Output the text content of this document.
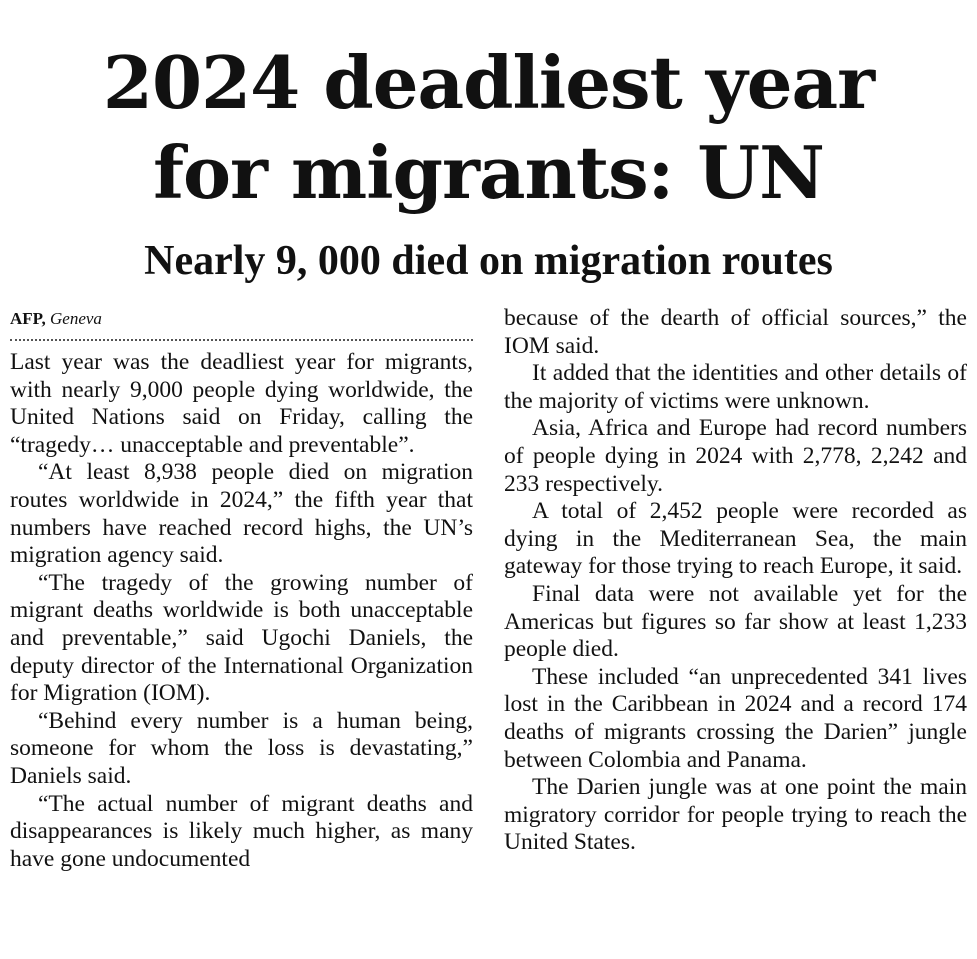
2024 deadliest year
for migrants: UN
Nearly 9, 000 died on migration routes
AFP, Geneva

Last year was the deadliest year for migrants, with nearly 9,000 people dying worldwide, the United Nations said on Friday, calling the “tragedy… unacceptable and preventable”.

“At least 8,938 people died on migration routes worldwide in 2024,” the fifth year that numbers have reached record highs, the UN’s migration agency said.

“The tragedy of the growing number of migrant deaths worldwide is both unacceptable and preventable,” said Ugochi Daniels, the deputy director of the International Organization for Migration (IOM).

“Behind every number is a human being, someone for whom the loss is devastating,” Daniels said.

“The actual number of migrant deaths and disappearances is likely much higher, as many have gone undocumented

because of the dearth of official sources,” the IOM said.

It added that the identities and other details of the majority of victims were unknown.

Asia, Africa and Europe had record numbers of people dying in 2024 with 2,778, 2,242 and 233 respectively.

A total of 2,452 people were recorded as dying in the Mediterranean Sea, the main gateway for those trying to reach Europe, it said.

Final data were not available yet for the Americas but figures so far show at least 1,233 people died.

These included “an unprecedented 341 lives lost in the Caribbean in 2024 and a record 174 deaths of migrants crossing the Darien” jungle between Colombia and Panama.

The Darien jungle was at one point the main migratory corridor for people trying to reach the United States.
